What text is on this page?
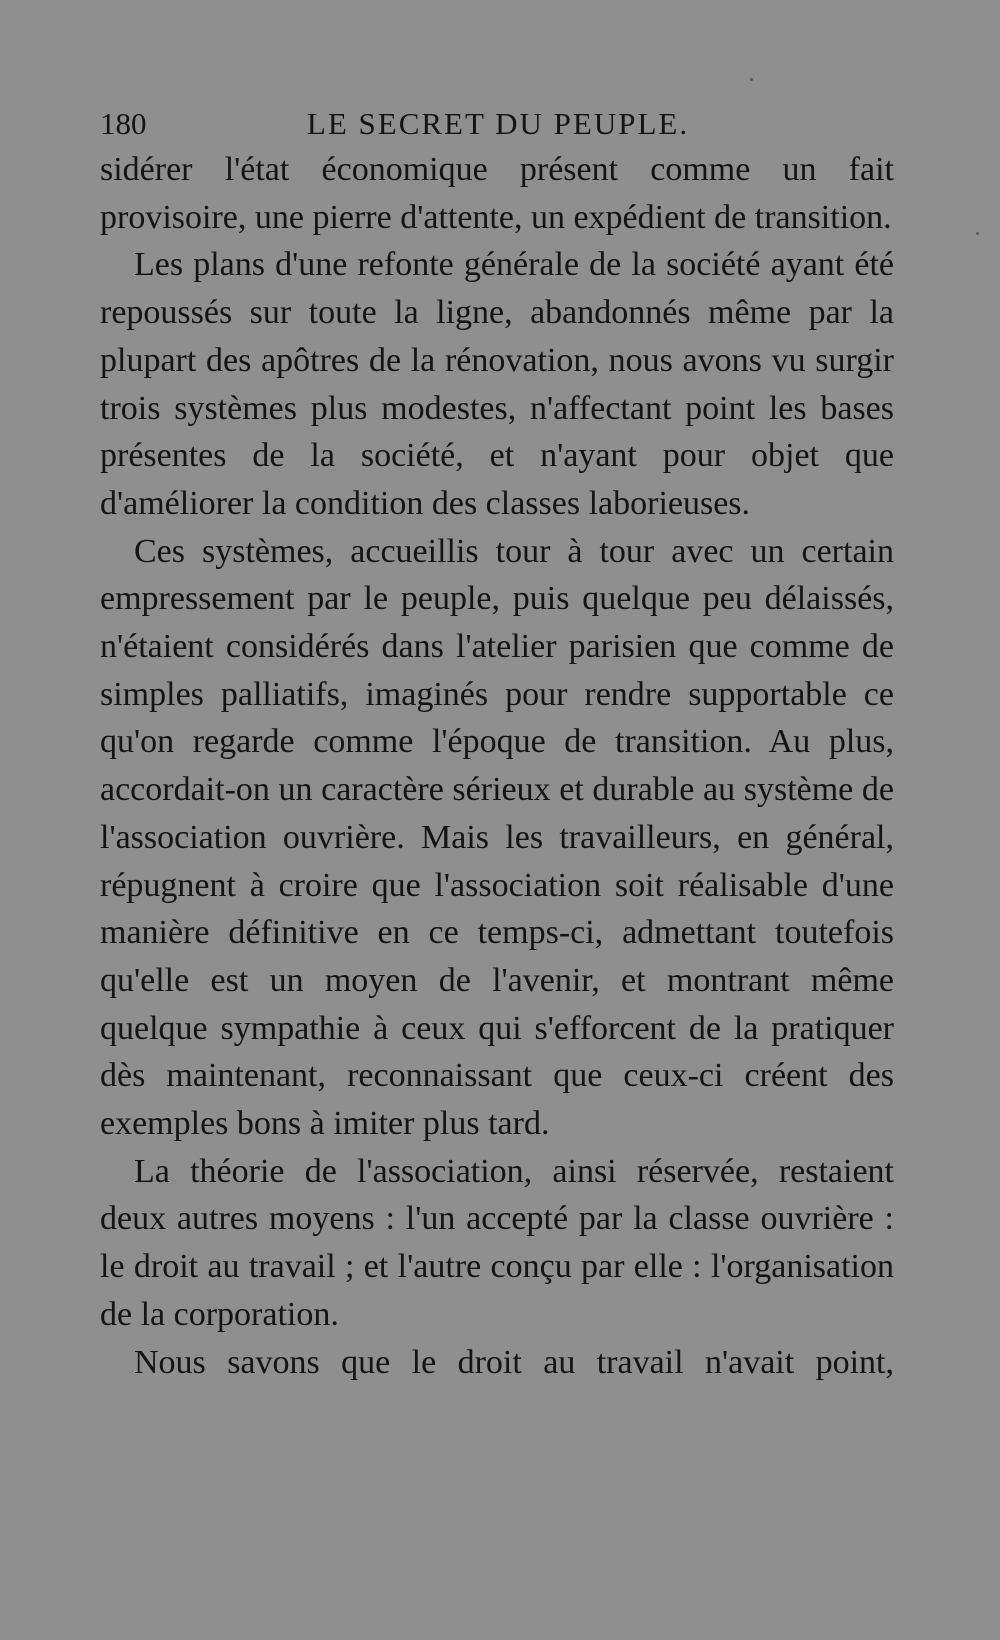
180	LE SECRET DU PEUPLE.

sidérer l'état économique présent comme un fait provisoire, une pierre d'attente, un expédient de transition.

Les plans d'une refonte générale de la société ayant été repoussés sur toute la ligne, abandonnés même par la plupart des apôtres de la rénovation, nous avons vu surgir trois systèmes plus modestes, n'affectant point les bases présentes de la société, et n'ayant pour objet que d'améliorer la condition des classes laborieuses.

Ces systèmes, accueillis tour à tour avec un certain empressement par le peuple, puis quelque peu délaissés, n'étaient considérés dans l'atelier parisien que comme de simples palliatifs, imaginés pour rendre supportable ce qu'on regarde comme l'époque de transition. Au plus, accordait-on un caractère sérieux et durable au système de l'association ouvrière. Mais les travailleurs, en général, répugnent à croire que l'association soit réalisable d'une manière définitive en ce temps-ci, admettant toutefois qu'elle est un moyen de l'avenir, et montrant même quelque sympathie à ceux qui s'efforcent de la pratiquer dès maintenant, reconnaissant que ceux-ci créent des exemples bons à imiter plus tard.

La théorie de l'association, ainsi réservée, restaient deux autres moyens : l'un accepté par la classe ouvrière : le droit au travail ; et l'autre conçu par elle : l'organisation de la corporation.

Nous savons que le droit au travail n'avait point,
